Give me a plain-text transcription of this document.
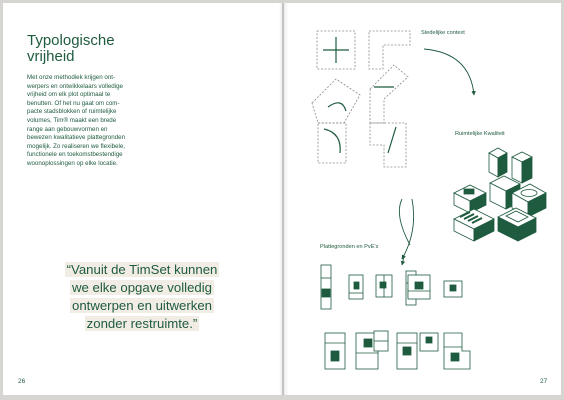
Typologische
vrijheid
Met onze methodiek krijgen ont-
werpers en ontwikkelaars volledige
vrijheid om elk plot optimaal te
benutten. Of het nu gaat om com-
pacte stadsblokken of ruimtelijke
volumes, Tim® maakt een brede
range aan gebouwvormen en
bewezen kwalitatieve plattegronden
mogelijk. Zo realiseren we flexibele,
functionele en toekomstbestendige
woonoplossingen op elke locatie.
“Vanuit de TimSet kunnen
we elke opgave volledig
ontwerpen en uitwerken
zonder restruimte.”
26
Stedelijke context
Ruimtelijke Kwaliteit
Plattegronden en PvE’s
27
